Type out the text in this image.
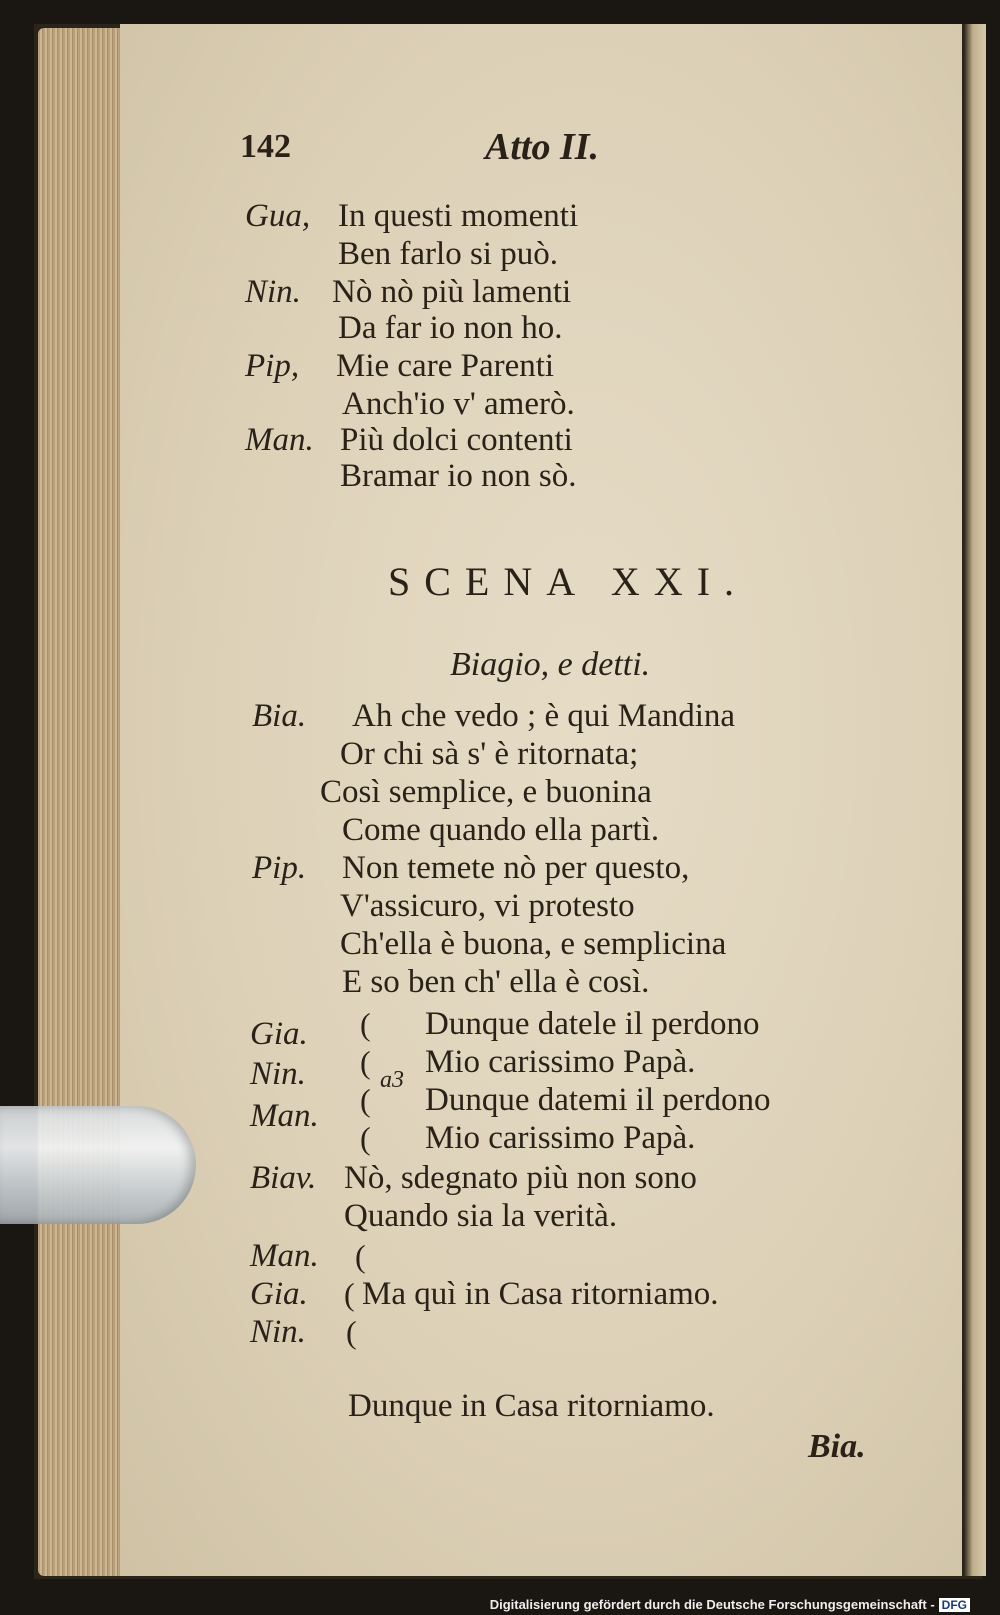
142	Atto II.
Gua, In questi momenti
Ben farlo si può.
Nin. Nò nò più lamenti
Da far io non ho.
Pip, Mie care Parenti
Anch'io v' amerò.
Man. Più dolci contenti
Bramar io non sò.
SCENA XXI.
Biagio, e detti.
Bia. Ah che vedo ; è qui Mandina
Or chi sà s' è ritornata;
Così semplice, e buonina
Come quando ella partì.
Pip. Non temete nò per questo,
V'assicuro, vi protesto
Ch'ella è buona, e semplicina
E so ben ch' ella è così.
Gia.
Nin.
Man.
(
(
(
(
a3
Dunque datele il perdono
Mio carissimo Papà.
Dunque datemi il perdono
Mio carissimo Papà.
Biav. Nò, sdegnato più non sono
Quando sia la verità.
Man. (
Gia. ( Ma quì in Casa ritorniamo.
Nin. (
Dunque in Casa ritorniamo.
Bia.
Digitalisierung gefördert durch die Deutsche Forschungsgemeinschaft - DFG
